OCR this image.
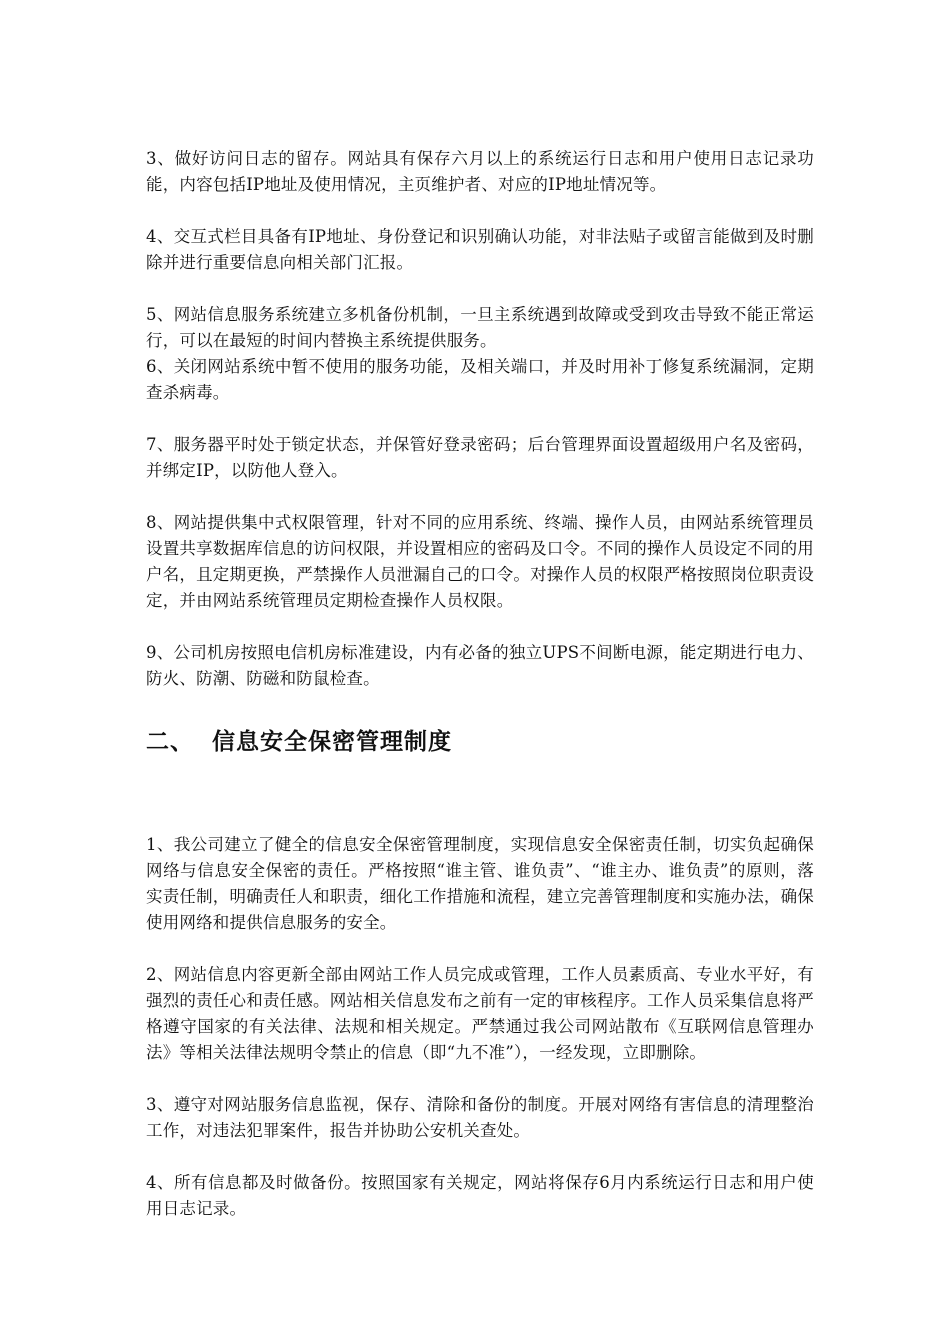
3、做好访问日志的留存。网站具有保存六月以上的系统运行日志和用户使用日志记录功能，内容包括IP地址及使用情况，主页维护者、对应的IP地址情况等。

4、交互式栏目具备有IP地址、身份登记和识别确认功能，对非法贴子或留言能做到及时删除并进行重要信息向相关部门汇报。

5、网站信息服务系统建立多机备份机制，一旦主系统遇到故障或受到攻击导致不能正常运行，可以在最短的时间内替换主系统提供服务。

6、关闭网站系统中暂不使用的服务功能，及相关端口，并及时用补丁修复系统漏洞，定期查杀病毒。

7、服务器平时处于锁定状态，并保管好登录密码；后台管理界面设置超级用户名及密码，并绑定IP，以防他人登入。

8、网站提供集中式权限管理，针对不同的应用系统、终端、操作人员，由网站系统管理员设置共享数据库信息的访问权限，并设置相应的密码及口令。不同的操作人员设定不同的用户名，且定期更换，严禁操作人员泄漏自己的口令。对操作人员的权限严格按照岗位职责设定，并由网站系统管理员定期检查操作人员权限。

9、公司机房按照电信机房标准建设，内有必备的独立UPS不间断电源，能定期进行电力、防火、防潮、防磁和防鼠检查。

二、 信息安全保密管理制度

1、我公司建立了健全的信息安全保密管理制度，实现信息安全保密责任制，切实负起确保网络与信息安全保密的责任。严格按照“谁主管、谁负责”、“谁主办、谁负责”的原则，落实责任制，明确责任人和职责，细化工作措施和流程，建立完善管理制度和实施办法，确保使用网络和提供信息服务的安全。

2、网站信息内容更新全部由网站工作人员完成或管理，工作人员素质高、专业水平好，有强烈的责任心和责任感。网站相关信息发布之前有一定的审核程序。工作人员采集信息将严格遵守国家的有关法律、法规和相关规定。严禁通过我公司网站散布《互联网信息管理办法》等相关法律法规明令禁止的信息（即“九不准”），一经发现，立即删除。

3、遵守对网站服务信息监视，保存、清除和备份的制度。开展对网络有害信息的清理整治工作，对违法犯罪案件，报告并协助公安机关查处。

4、所有信息都及时做备份。按照国家有关规定，网站将保存6月内系统运行日志和用户使用日志记录。
